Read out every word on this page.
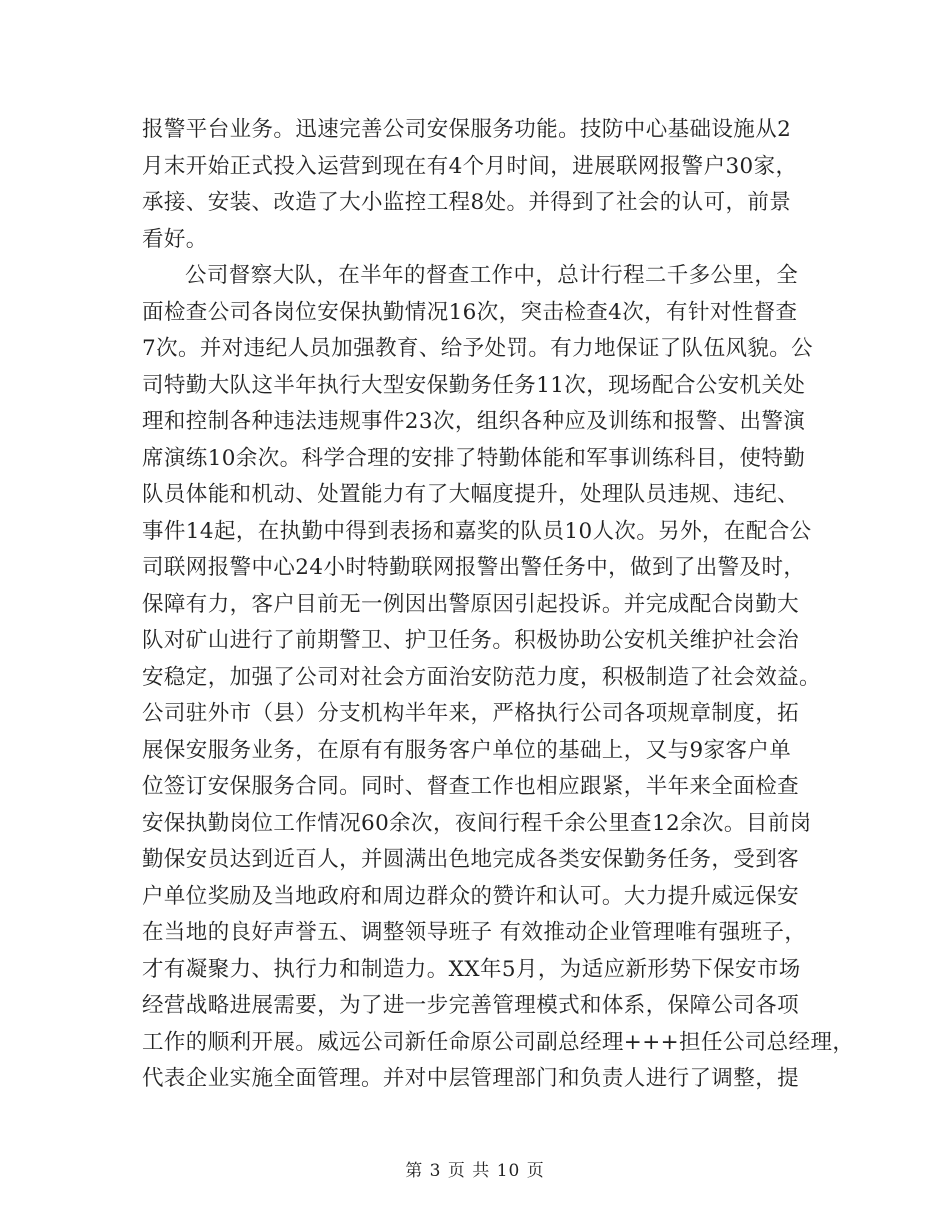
报警平台业务。迅速完善公司安保服务功能。技防中心基础设施从2
月末开始正式投入运营到现在有4个月时间，进展联网报警户30家，
承接、安装、改造了大小监控工程8处。并得到了社会的认可，前景
看好。
公司督察大队，在半年的督查工作中，总计行程二千多公里，全
面检查公司各岗位安保执勤情况16次，突击检查4次，有针对性督查
7次。并对违纪人员加强教育、给予处罚。有力地保证了队伍风貌。公
司特勤大队这半年执行大型安保勤务任务11次，现场配合公安机关处
理和控制各种违法违规事件23次，组织各种应及训练和报警、出警演
席演练10余次。科学合理的安排了特勤体能和军事训练科目，使特勤
队员体能和机动、处置能力有了大幅度提升，处理队员违规、违纪、
事件14起，在执勤中得到表扬和嘉奖的队员10人次。另外，在配合公
司联网报警中心24小时特勤联网报警出警任务中，做到了出警及时，
保障有力，客户目前无一例因出警原因引起投诉。并完成配合岗勤大
队对矿山进行了前期警卫、护卫任务。积极协助公安机关维护社会治
安稳定，加强了公司对社会方面治安防范力度，积极制造了社会效益。
公司驻外市（县）分支机构半年来，严格执行公司各项规章制度，拓
展保安服务业务，在原有有服务客户单位的基础上，又与9家客户单
位签订安保服务合同。同时、督查工作也相应跟紧，半年来全面检查
安保执勤岗位工作情况60余次，夜间行程千余公里查12余次。目前岗
勤保安员达到近百人，并圆满出色地完成各类安保勤务任务，受到客
户单位奖励及当地政府和周边群众的赞许和认可。大力提升威远保安
在当地的良好声誉五、调整领导班子 有效推动企业管理唯有强班子，
才有凝聚力、执行力和制造力。XX年5月，为适应新形势下保安市场
经营战略进展需要，为了进一步完善管理模式和体系，保障公司各项
工作的顺利开展。威远公司新任命原公司副总经理+++担任公司总经理，
代表企业实施全面管理。并对中层管理部门和负责人进行了调整，提
第 3 页 共 10 页
